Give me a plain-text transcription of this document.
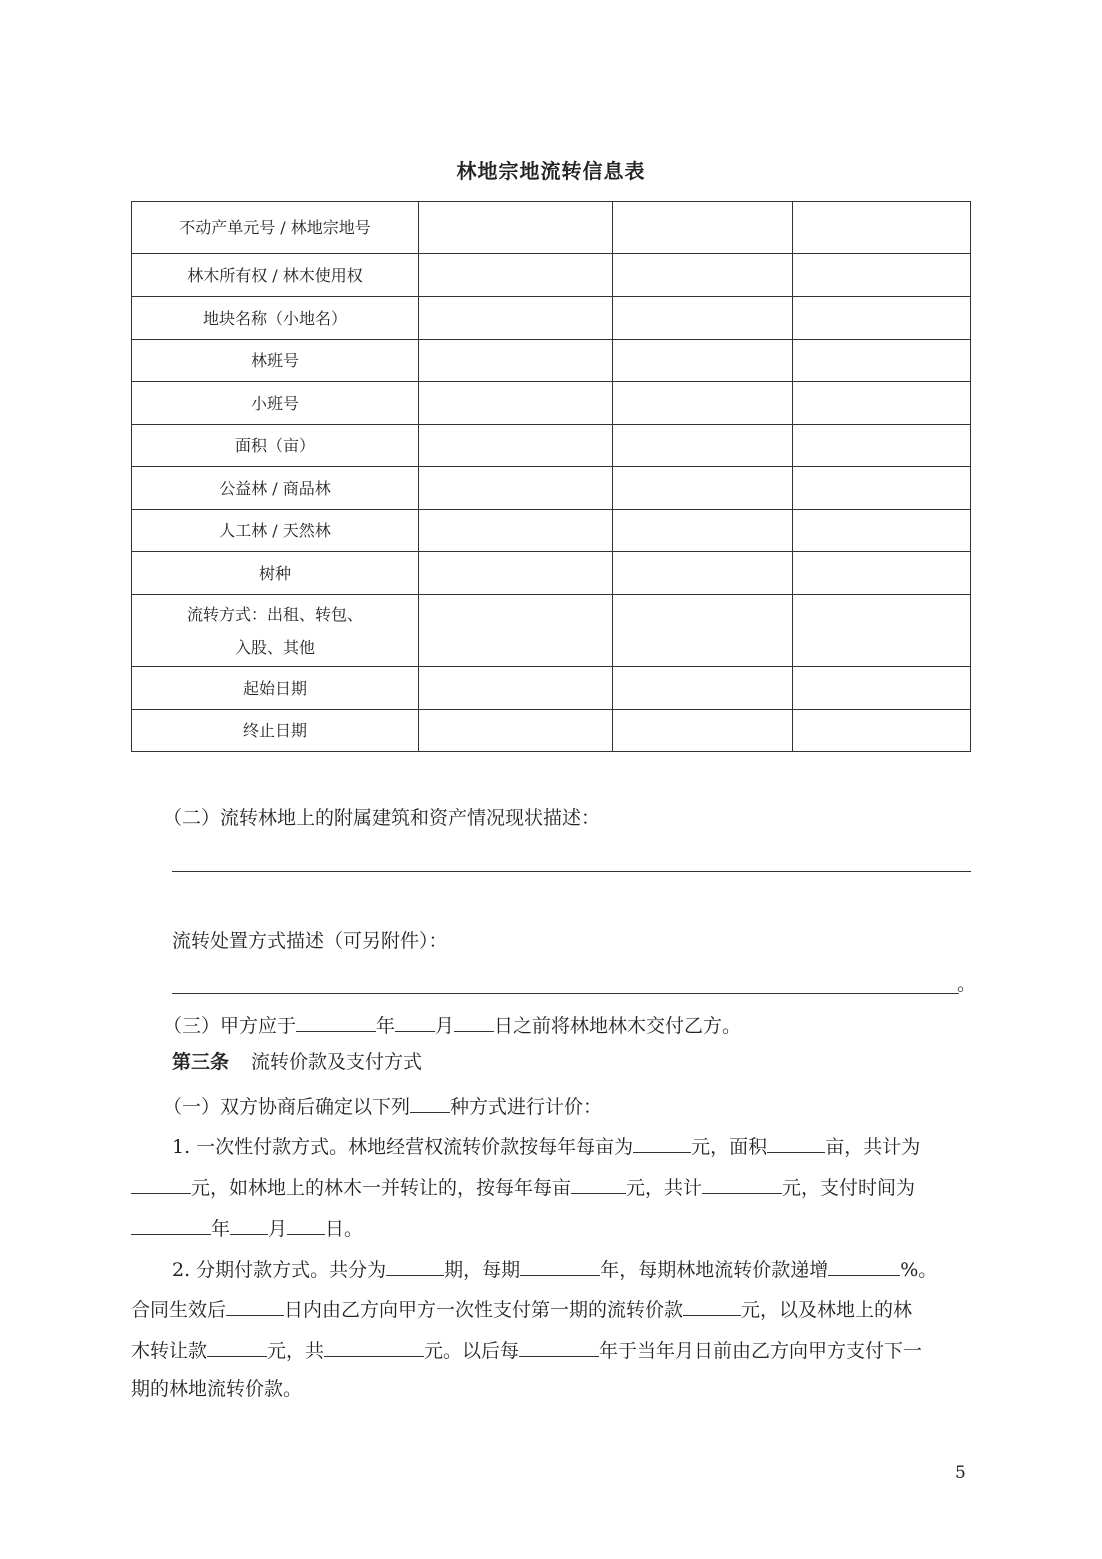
林地宗地流转信息表
不动产单元号 / 林地宗地号			
林木所有权 / 林木使用权			
地块名称（小地名）			
林班号			
小班号			
面积（亩）			
公益林 / 商品林			
人工林 / 天然林			
树种			

流转方式：出租、转包、
入股、其他			

起始日期			
终止日期			
（二）流转林地上的附属建筑和资产情况现状描述：
流转处置方式描述（可另附件）：
。
（三）甲方应于	年 月 日之前将林地林木交付乙方。
第三条 流转价款及支付方式
（一）双方协商后确定以下列 种方式进行计价：
1. 一次性付款方式。林地经营权流转价款按每年每亩为	元，面积	亩，共计为
元，如林地上的林木一并转让的，按每年每亩	元，共计	元，支付时间为
年 月 日。
2. 分期付款方式。共分为	期，每期	年，每期林地流转价款递增	%。
合同生效后	日内由乙方向甲方一次性支付第一期的流转价款	元，以及林地上的林
木转让款	元，共	元。以后每	年于当年月日前由乙方向甲方支付下一
期的林地流转价款。
5
